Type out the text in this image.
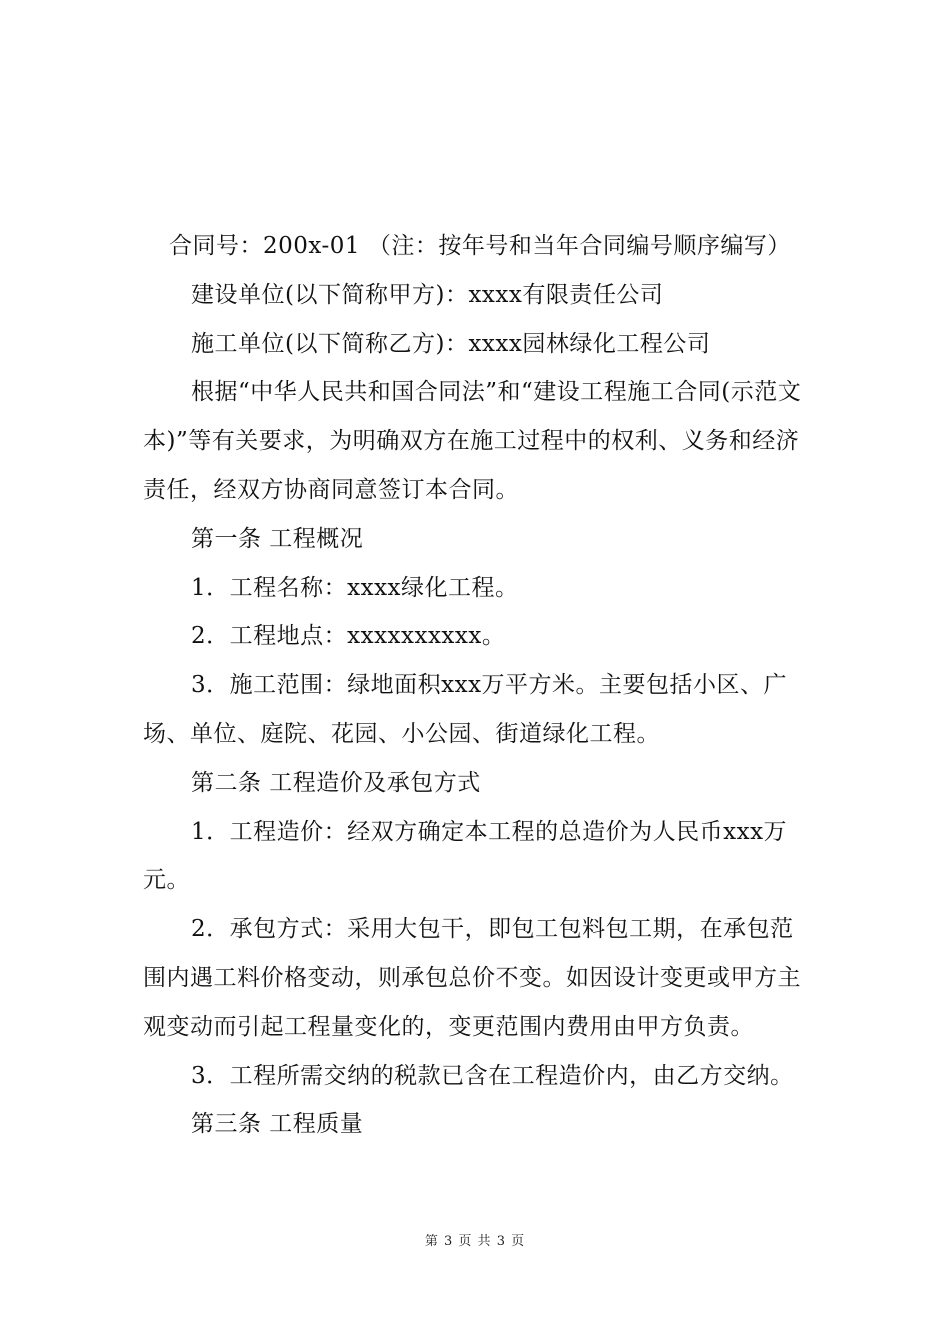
合同号：200x-01 （注：按年号和当年合同编号顺序编写）

建设单位(以下简称甲方)：xxxx有限责任公司

施工单位(以下简称乙方)：xxxx园林绿化工程公司

根据“中华人民共和国合同法”和“建设工程施工合同(示范文本)”等有关要求，为明确双方在施工过程中的权利、义务和经济责任，经双方协商同意签订本合同。

第一条 工程概况

1．工程名称：xxxx绿化工程。

2．工程地点：xxxxxxxxxx。

3．施工范围：绿地面积xxx万平方米。主要包括小区、广场、单位、庭院、花园、小公园、街道绿化工程。

第二条 工程造价及承包方式

1．工程造价：经双方确定本工程的总造价为人民币xxx万元。

2．承包方式：采用大包干，即包工包料包工期，在承包范围内遇工料价格变动，则承包总价不变。如因设计变更或甲方主观变动而引起工程量变化的，变更范围内费用由甲方负责。

3．工程所需交纳的税款已含在工程造价内，由乙方交纳。

第三条 工程质量

第 3 页 共 3 页
